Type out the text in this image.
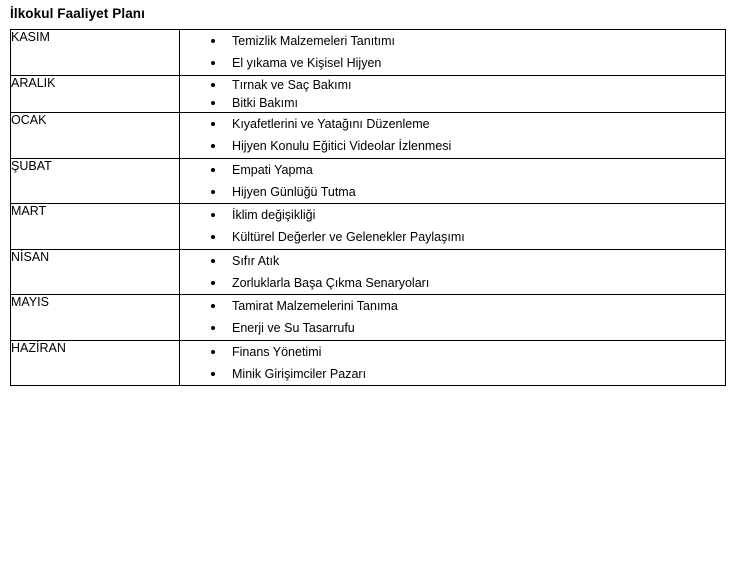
İlkokul Faaliyet Planı
KASIM	
•Temizlik Malzemeleri Tanıtımı
• El yıkama ve Kişisel Hijyen

ARALIK	
•Tırnak ve Saç Bakımı
• Bitki Bakımı

OCAK	
•Kıyafetlerini ve Yatağını Düzenleme
• Hijyen Konulu Eğitici Videolar İzlenmesi

ŞUBAT	
•Empati Yapma
• Hijyen Günlüğü Tutma

MART	
•İklim değişikliği
• Kültürel Değerler ve Gelenekler Paylaşımı

NİSAN	
•Sıfır Atık
• Zorluklarla Başa Çıkma Senaryoları

MAYIS	
•Tamirat Malzemelerini Tanıma
• Enerji ve Su Tasarrufu

HAZİRAN	
•Finans Yönetimi
• Minik Girişimciler Pazarı
